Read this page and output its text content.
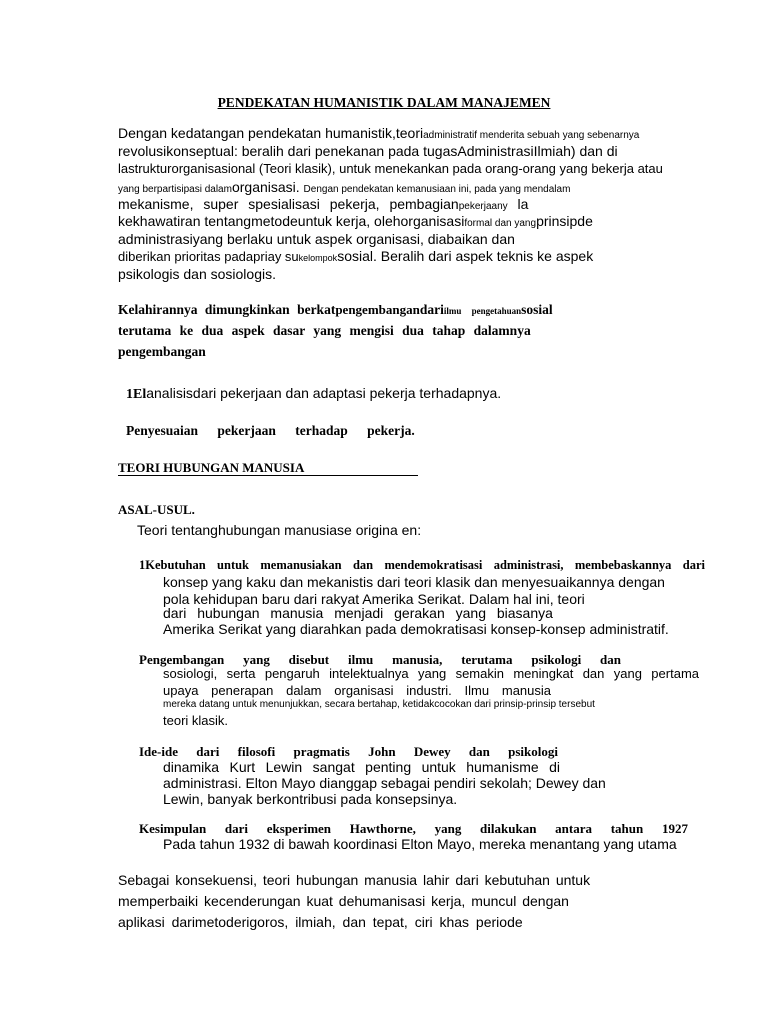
PENDEKATAN HUMANISTIK DALAM MANAJEMEN
Dengan kedatangan pendekatan humanistik,teoriadministratif menderita sebuah yang sebenarnya
revolusikonseptual: beralih dari penekanan pada tugasAdministrasiIlmiah) dan di
lastrukturorganisasional (Teori klasik), untuk menekankan pada orang-orang yang bekerja atau
yang berpartisipasi dalamorganisasi. Dengan pendekatan kemanusiaan ini, pada yang mendalam
mekanisme, super spesialisasi pekerja, pembagianpekerjaany la
kekhawatiran tentangmetodeuntuk kerja, olehorganisasiformal dan yangprinsipde
administrasiyang berlaku untuk aspek organisasi, diabaikan dan
diberikan prioritas padapriay sukelompoksosial. Beralih dari aspek teknis ke aspek
psikologis dan sosiologis.
Kelahirannya dimungkinkan berkatpengembangandariilmu pengetahuansosial
terutama ke dua aspek dasar yang mengisi dua tahap dalamnya
pengembangan
1Elanalisisdari pekerjaan dan adaptasi pekerja terhadapnya.
Penyesuaian pekerjaan terhadap pekerja.
TEORI HUBUNGAN MANUSIA
ASAL-USUL.
Teori tentanghubungan manusiase origina en:
1Kebutuhan untuk memanusiakan dan mendemokratisasi administrasi, membebaskannya dari
konsep yang kaku dan mekanistis dari teori klasik dan menyesuaikannya dengan
pola kehidupan baru dari rakyat Amerika Serikat. Dalam hal ini, teori
dari hubungan manusia menjadi gerakan yang biasanya
Amerika Serikat yang diarahkan pada demokratisasi konsep-konsep administratif.
Pengembangan yang disebut ilmu manusia, terutama psikologi dan
sosiologi, serta pengaruh intelektualnya yang semakin meningkat dan yang pertama
upaya penerapan dalam organisasi industri. Ilmu manusia
mereka datang untuk menunjukkan, secara bertahap, ketidakcocokan dari prinsip-prinsip tersebut
teori klasik.
Ide-ide dari filosofi pragmatis John Dewey dan psikologi
dinamika Kurt Lewin sangat penting untuk humanisme di
administrasi. Elton Mayo dianggap sebagai pendiri sekolah; Dewey dan
Lewin, banyak berkontribusi pada konsepsinya.
Kesimpulan dari eksperimen Hawthorne, yang dilakukan antara tahun 1927
Pada tahun 1932 di bawah koordinasi Elton Mayo, mereka menantang yang utama
Sebagai konsekuensi, teori hubungan manusia lahir dari kebutuhan untuk
memperbaiki kecenderungan kuat dehumanisasi kerja, muncul dengan
aplikasi darimetoderigoros, ilmiah, dan tepat, ciri khas periode
